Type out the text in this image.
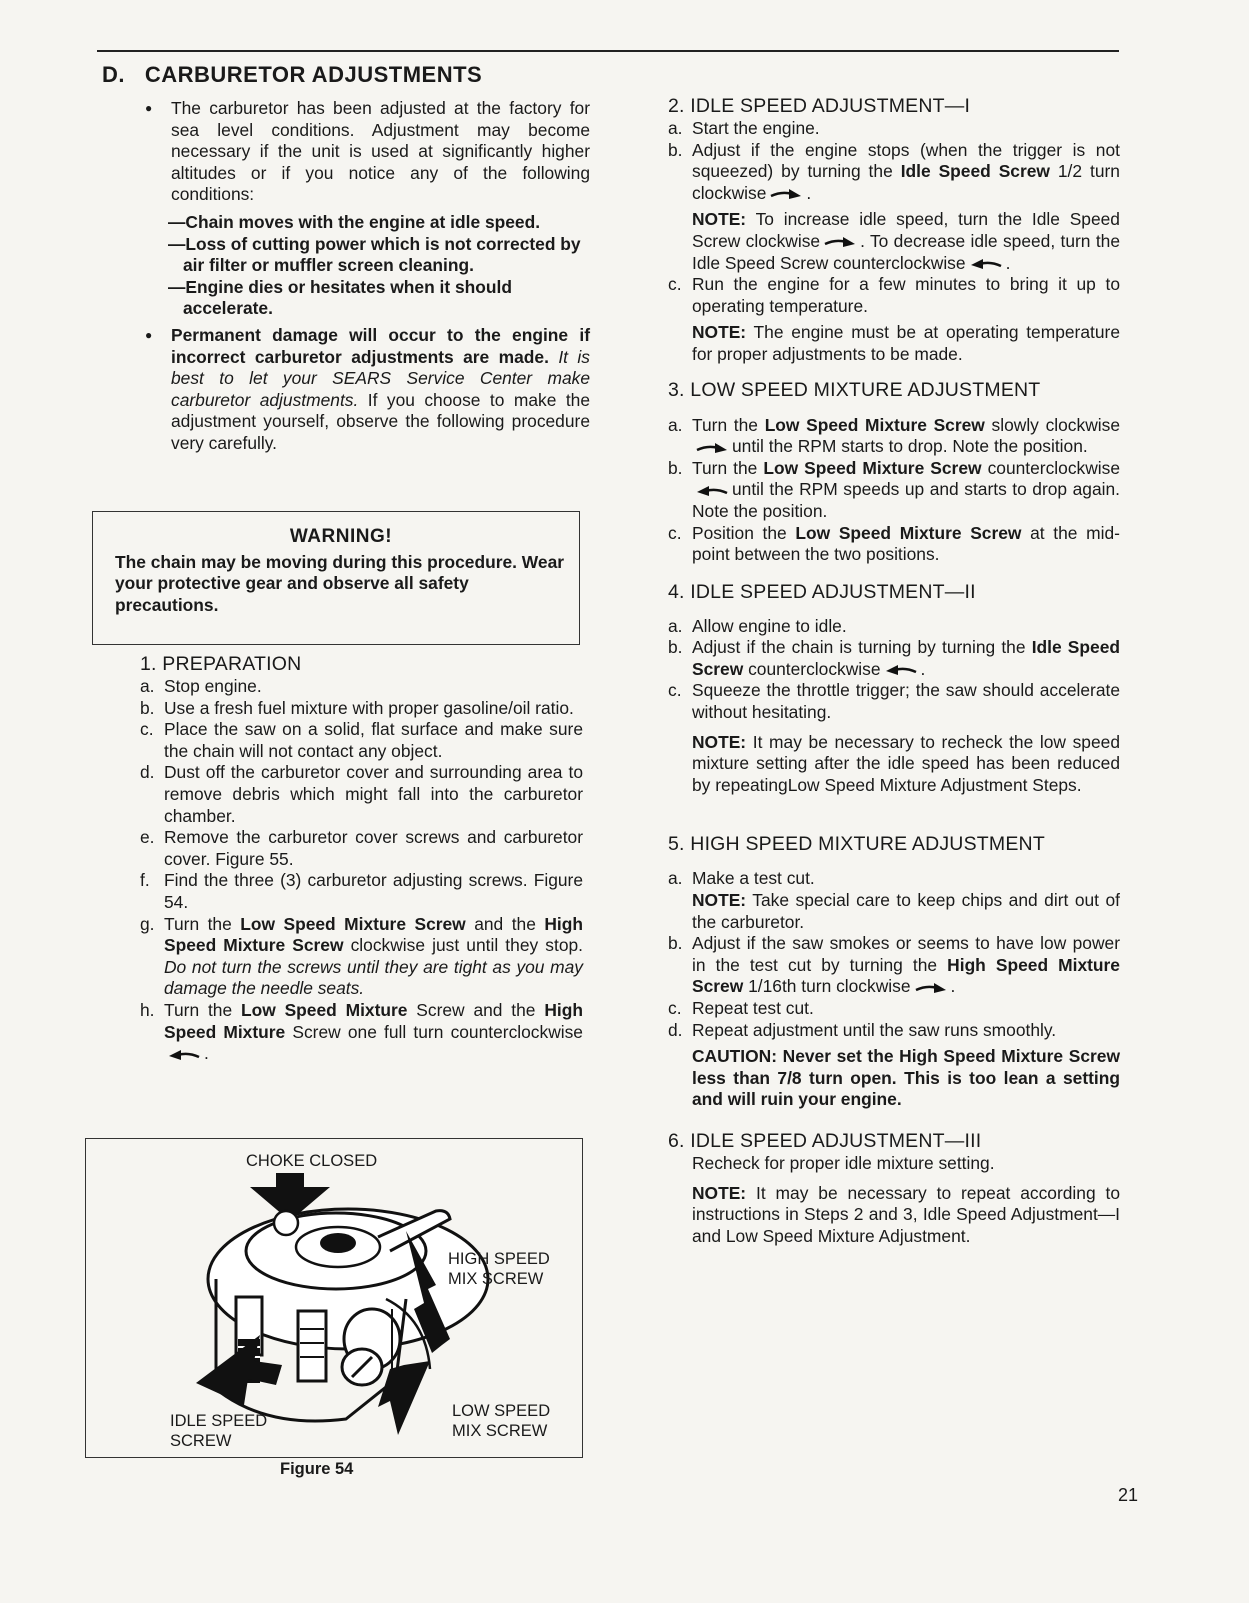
D. CARBURETOR ADJUSTMENTS

● The carburetor has been adjusted at the factory for sea level conditions. Adjustment may become necessary if the unit is used at significantly higher altitudes or if you notice any of the following conditions:

—Chain moves with the engine at idle speed.

—Loss of cutting power which is not corrected by air filter or muffler screen cleaning.

—Engine dies or hesitates when it should accelerate.

● Permanent damage will occur to the engine if incorrect carburetor adjustments are made. It is best to let your SEARS Service Center make carburetor adjustments. If you choose to make the adjustment yourself, observe the following procedure very carefully.

WARNING!
The chain may be moving during this procedure. Wear your protective gear and observe all safety precautions.
1. PREPARATION
a. Stop engine.
b. Use a fresh fuel mixture with proper gasoline/oil ratio.
c. Place the saw on a solid, flat surface and make sure the chain will not contact any object.
d. Dust off the carburetor cover and surrounding area to remove debris which might fall into the carburetor chamber.
e. Remove the carburetor cover screws and carburetor cover. Figure 55.
f. Find the three (3) carburetor adjusting screws. Figure 54.
g. Turn the Low Speed Mixture Screw and the High Speed Mixture Screw clockwise just until they stop. Do not turn the screws until they are tight as you may damage the needle seats.
h. Turn the Low Speed Mixture Screw and the High Speed Mixture Screw one full turn counterclockwise.
CHOKE CLOSED
HIGH SPEED
MIX SCREW
LOW SPEED
MIX SCREW
IDLE SPEED
SCREW
Figure 54
2. IDLE SPEED ADJUSTMENT—I
a. Start the engine.
b. Adjust if the engine stops (when the trigger is not squeezed) by turning the Idle Speed Screw 1/2 turn clockwise .

NOTE: To increase idle speed, turn the Idle Speed Screw clockwise . To decrease idle speed, turn the Idle Speed Screw counterclockwise .

c. Run the engine for a few minutes to bring it up to operating temperature.

NOTE: The engine must be at operating temperature for proper adjustments to be made.

3. LOW SPEED MIXTURE ADJUSTMENT
a. Turn the Low Speed Mixture Screw slowly clockwiseuntil the RPM starts to drop. Note the position.
b. Turn the Low Speed Mixture Screw counterclockwiseuntil the RPM speeds up and starts to drop again. Note the position.
c. Position the Low Speed Mixture Screw at the mid-point between the two positions.
4. IDLE SPEED ADJUSTMENT—II
a. Allow engine to idle.
b. Adjust if the chain is turning by turning the Idle Speed Screw counterclockwise .
c. Squeeze the throttle trigger; the saw should accelerate without hesitating.

NOTE: It may be necessary to recheck the low speed mixture setting after the idle speed has been reduced by repeatingLow Speed Mixture Adjustment Steps.

5. HIGH SPEED MIXTURE ADJUSTMENT
a. Make a test cut.

NOTE: Take special care to keep chips and dirt out of the carburetor.

b. Adjust if the saw smokes or seems to have low power in the test cut by turning the High Speed Mixture Screw 1/16th turn clockwise .
c. Repeat test cut.
d. Repeat adjustment until the saw runs smoothly.

CAUTION: Never set the High Speed Mixture Screw less than 7/8 turn open. This is too lean a setting and will ruin your engine.

6. IDLE SPEED ADJUSTMENT—III

Recheck for proper idle mixture setting.

NOTE: It may be necessary to repeat according to instructions in Steps 2 and 3, Idle Speed Adjustment—I and Low Speed Mixture Adjustment.

21
